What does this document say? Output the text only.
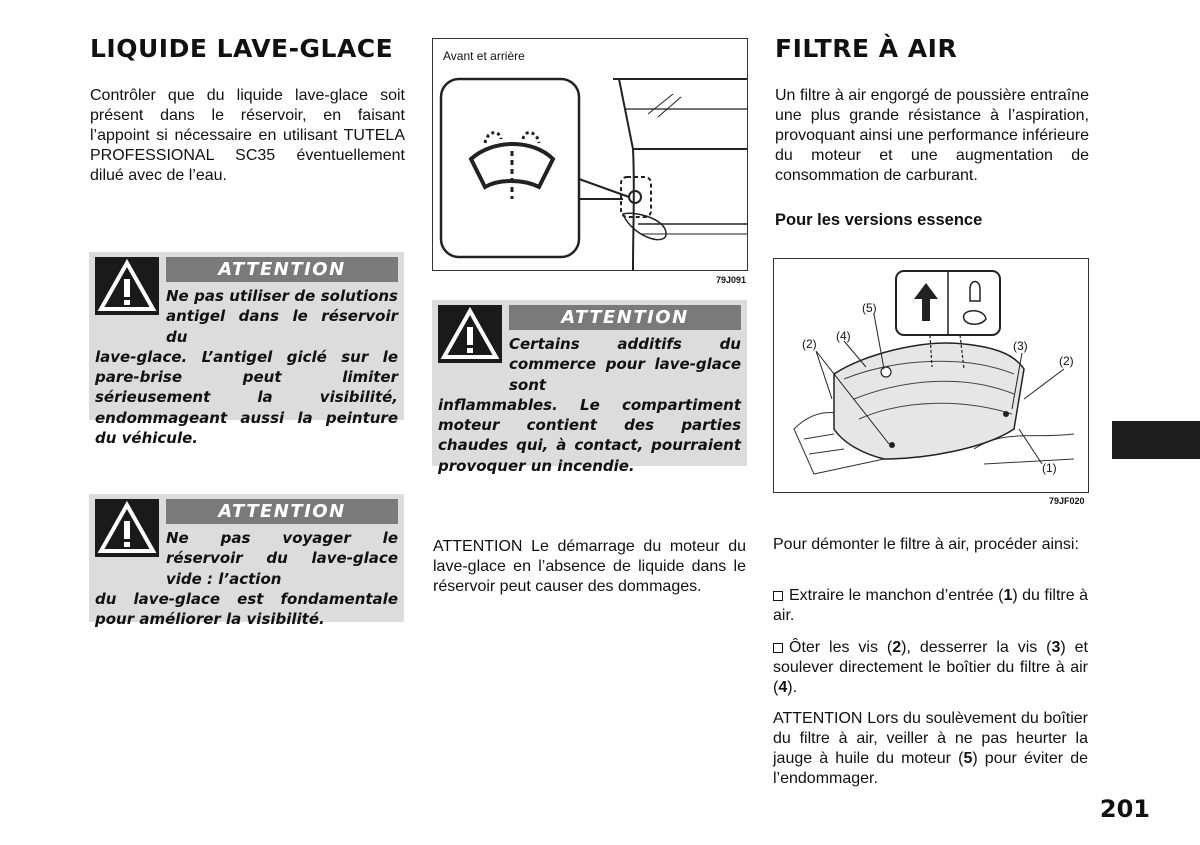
LIQUIDE LAVE-GLACE

Contrôler que du liquide lave-glace soit présent dans le réservoir, en faisant l’appoint si nécessaire en utilisant TUTELA PROFESSIONAL SC35 éventuellement dilué avec de l’eau.

ATTENTION
Ne pas utiliser de solutions antigel dans le réservoir du
lave-glace. L’antigel giclé sur le pare-brise peut limiter sérieusement la visibilité, endommageant aussi la peinture du véhicule.
ATTENTION
Ne pas voyager le réservoir du lave-glace vide : l’action
du lave-glace est fondamentale pour améliorer la visibilité.
Avant et arrière
79J091
ATTENTION
Certains additifs du commerce pour lave-glace sont
inflammables. Le compartiment moteur contient des parties chaudes qui, à contact, pourraient provoquer un incendie.

ATTENTION Le démarrage du moteur du lave-glace en l’absence de liquide dans le réservoir peut causer des dommages.

FILTRE À AIR

Un filtre à air engorgé de poussière entraîne une plus grande résistance à l’aspiration, provoquant ainsi une performance inférieure du moteur et une augmentation de consommation de carburant.

Pour les versions essence

(5)
(4)
(2)	(3)
(2)
(1)
79JF020

Pour démonter le filtre à air, procéder ainsi:

Extraire le manchon d’entrée (1) du filtre à air.
Ôter les vis (2), desserrer la vis (3) et soulever directement le boîtier du filtre à air (4).

ATTENTION Lors du soulèvement du boîtier du filtre à air, veiller à ne pas heurter la jauge à huile du moteur (5) pour éviter de l’endommager.

201
